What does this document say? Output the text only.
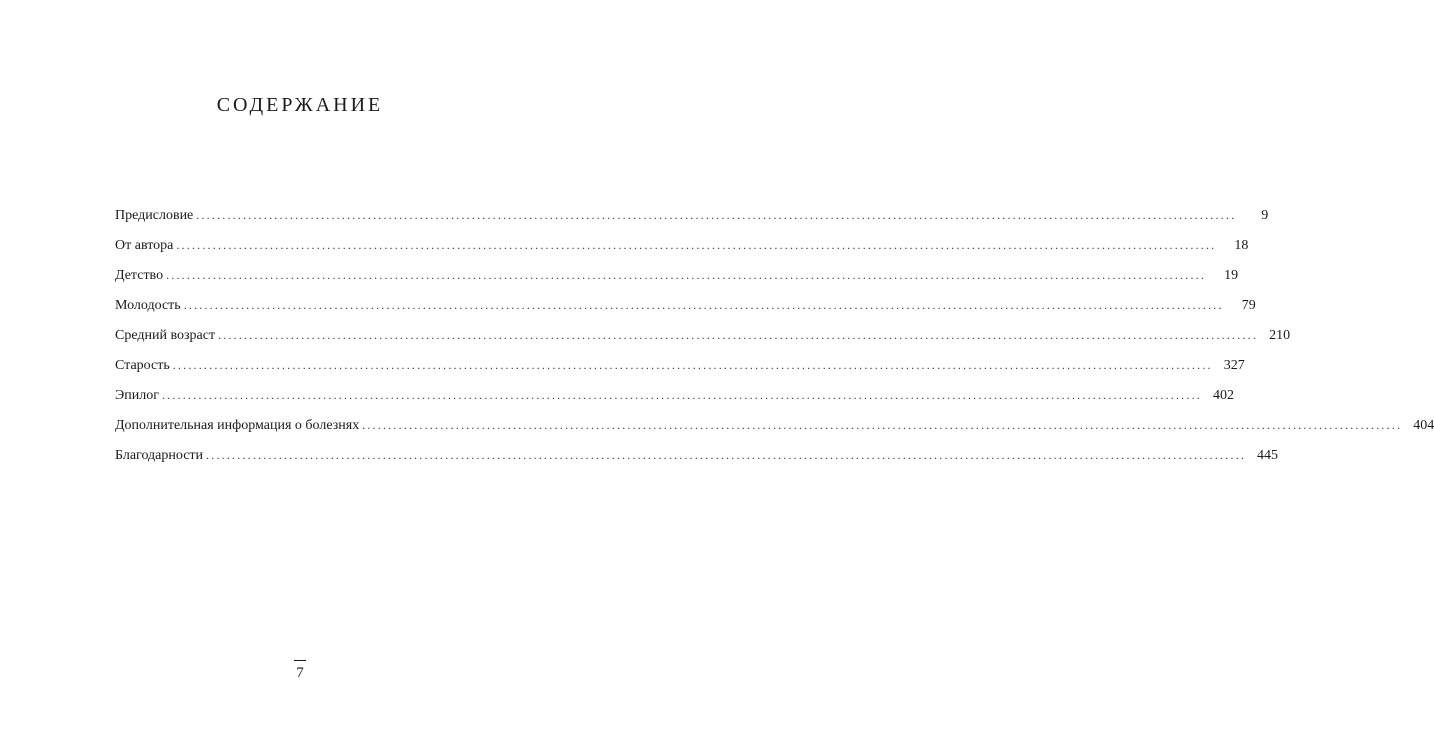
СОДЕРЖАНИЕ
Предисловие ........................................................................................................................................................................................................	9
От автора ........................................................................................................................................................................................................	18
Детство ........................................................................................................................................................................................................	19
Молодость ........................................................................................................................................................................................................	79
Средний возраст ........................................................................................................................................................................................................ 210
Старость ........................................................................................................................................................................................................ 327
Эпилог ........................................................................................................................................................................................................ 402
Дополнительная информация о болезнях ........................................................................................................................................................................................................ 404
Благодарности ........................................................................................................................................................................................................ 445
7
